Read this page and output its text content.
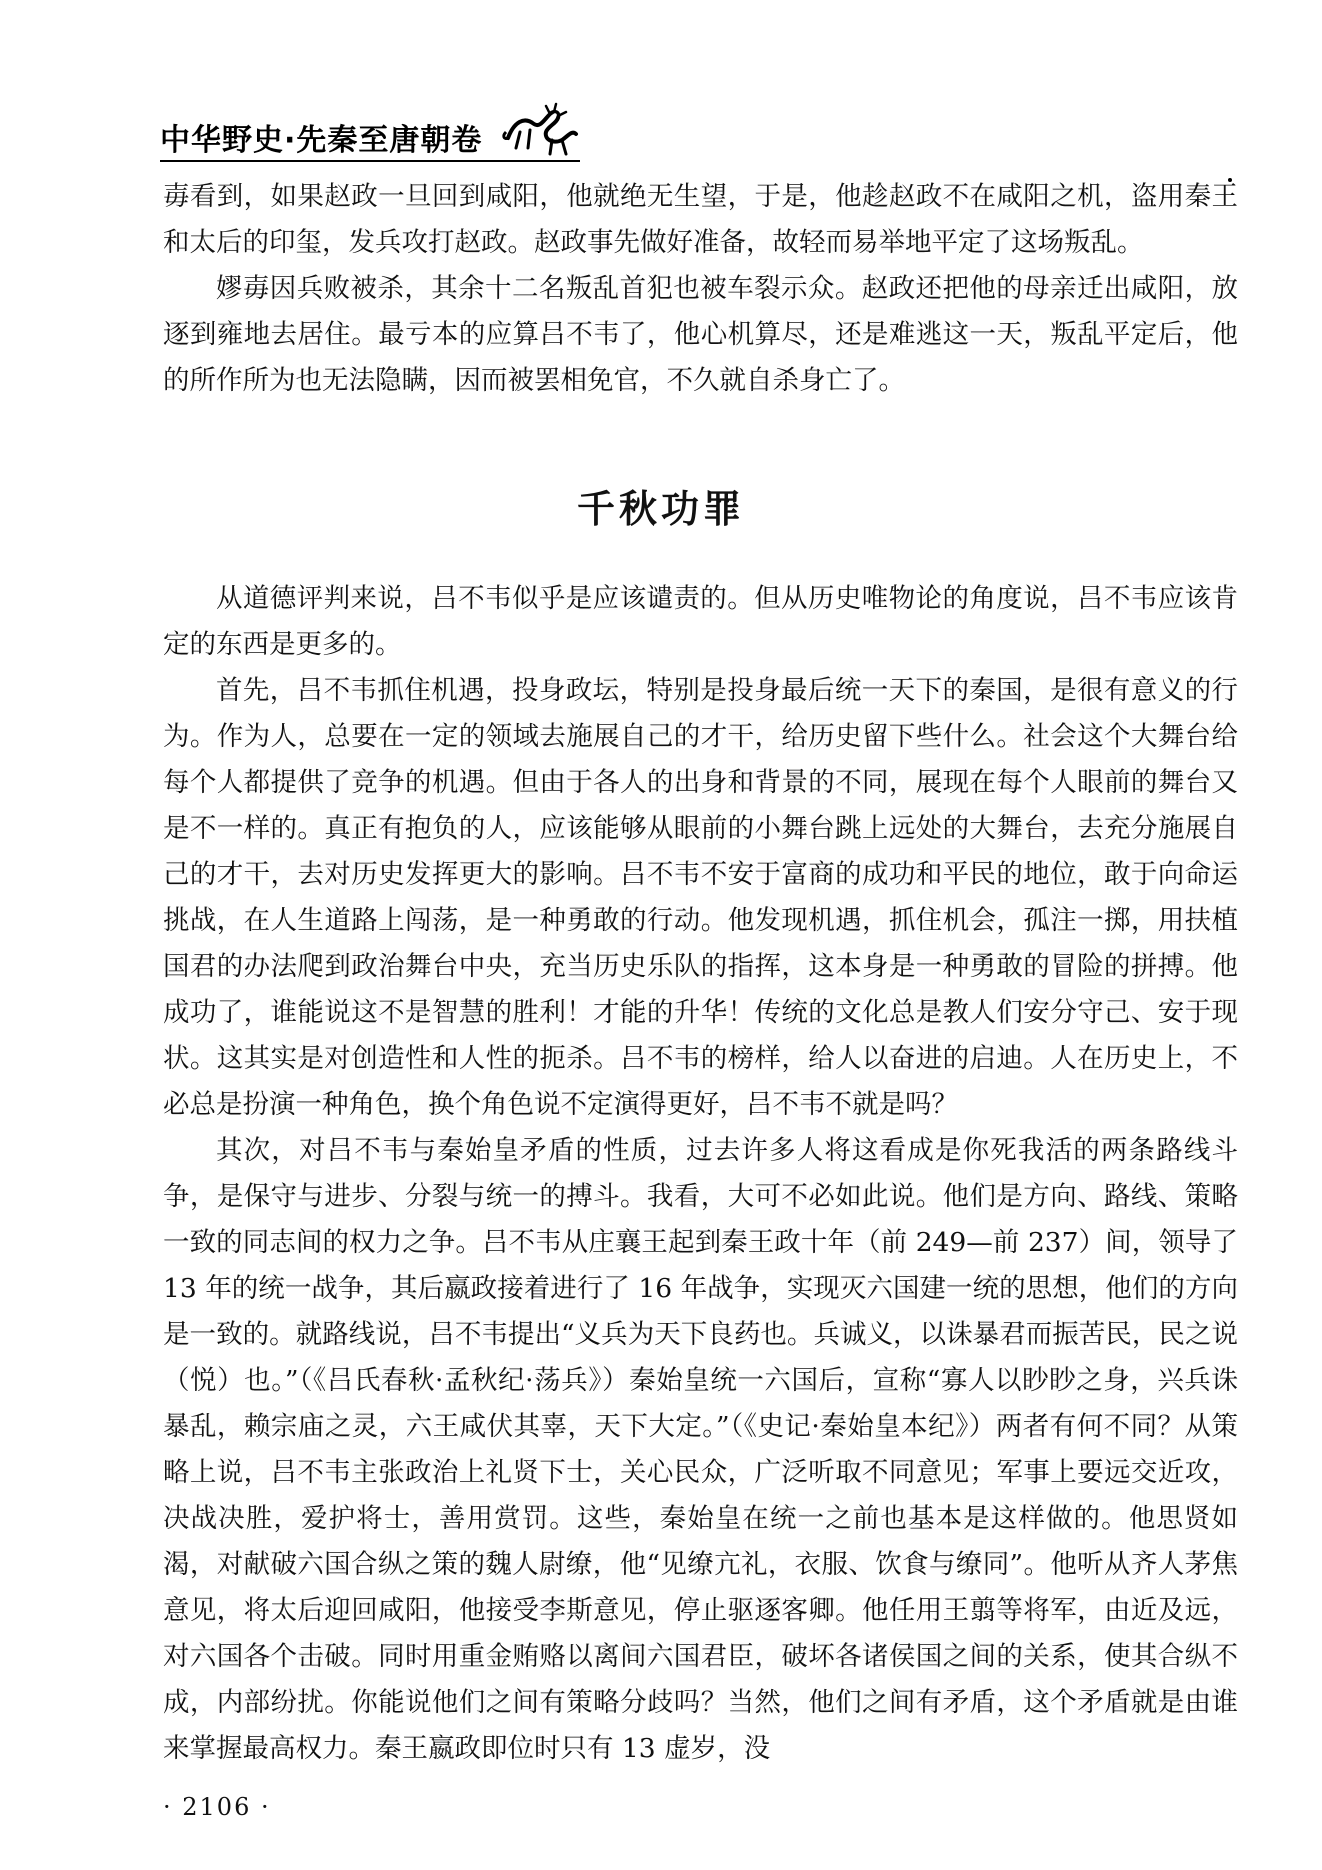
中华野史·先秦至唐朝卷

毐看到，如果赵政一旦回到咸阳，他就绝无生望，于是，他趁赵政不在咸阳之机，盗用秦王和太后的印玺，发兵攻打赵政。赵政事先做好准备，故轻而易举地平定了这场叛乱。

嫪毐因兵败被杀，其余十二名叛乱首犯也被车裂示众。赵政还把他的母亲迁出咸阳，放逐到雍地去居住。最亏本的应算吕不韦了，他心机算尽，还是难逃这一天，叛乱平定后，他的所作所为也无法隐瞒，因而被罢相免官，不久就自杀身亡了。

千秋功罪

从道德评判来说，吕不韦似乎是应该谴责的。但从历史唯物论的角度说，吕不韦应该肯定的东西是更多的。

首先，吕不韦抓住机遇，投身政坛，特别是投身最后统一天下的秦国，是很有意义的行为。作为人，总要在一定的领域去施展自己的才干，给历史留下些什么。社会这个大舞台给每个人都提供了竞争的机遇。但由于各人的出身和背景的不同，展现在每个人眼前的舞台又是不一样的。真正有抱负的人，应该能够从眼前的小舞台跳上远处的大舞台，去充分施展自己的才干，去对历史发挥更大的影响。吕不韦不安于富商的成功和平民的地位，敢于向命运挑战，在人生道路上闯荡，是一种勇敢的行动。他发现机遇，抓住机会，孤注一掷，用扶植国君的办法爬到政治舞台中央，充当历史乐队的指挥，这本身是一种勇敢的冒险的拼搏。他成功了，谁能说这不是智慧的胜利！才能的升华！传统的文化总是教人们安分守己、安于现状。这其实是对创造性和人性的扼杀。吕不韦的榜样，给人以奋进的启迪。人在历史上，不必总是扮演一种角色，换个角色说不定演得更好，吕不韦不就是吗？

其次，对吕不韦与秦始皇矛盾的性质，过去许多人将这看成是你死我活的两条路线斗争，是保守与进步、分裂与统一的搏斗。我看，大可不必如此说。他们是方向、路线、策略一致的同志间的权力之争。吕不韦从庄襄王起到秦王政十年（前 249—前 237）间，领导了 13 年的统一战争，其后嬴政接着进行了 16 年战争，实现灭六国建一统的思想，他们的方向是一致的。就路线说，吕不韦提出“义兵为天下良药也。兵诚义，以诛暴君而振苦民，民之说（悦）也。”（《吕氏春秋·孟秋纪·荡兵》）秦始皇统一六国后，宣称“寡人以眇眇之身，兴兵诛暴乱，赖宗庙之灵，六王咸伏其辜，天下大定。”（《史记·秦始皇本纪》）两者有何不同？从策略上说，吕不韦主张政治上礼贤下士，关心民众，广泛听取不同意见；军事上要远交近攻，决战决胜，爱护将士，善用赏罚。这些，秦始皇在统一之前也基本是这样做的。他思贤如渴，对献破六国合纵之策的魏人尉缭，他“见缭亢礼，衣服、饮食与缭同”。他听从齐人茅焦意见，将太后迎回咸阳，他接受李斯意见，停止驱逐客卿。他任用王翦等将军，由近及远，对六国各个击破。同时用重金贿赂以离间六国君臣，破坏各诸侯国之间的关系，使其合纵不成，内部纷扰。你能说他们之间有策略分歧吗？当然，他们之间有矛盾，这个矛盾就是由谁来掌握最高权力。秦王嬴政即位时只有 13 虚岁，没

· 2106 ·
